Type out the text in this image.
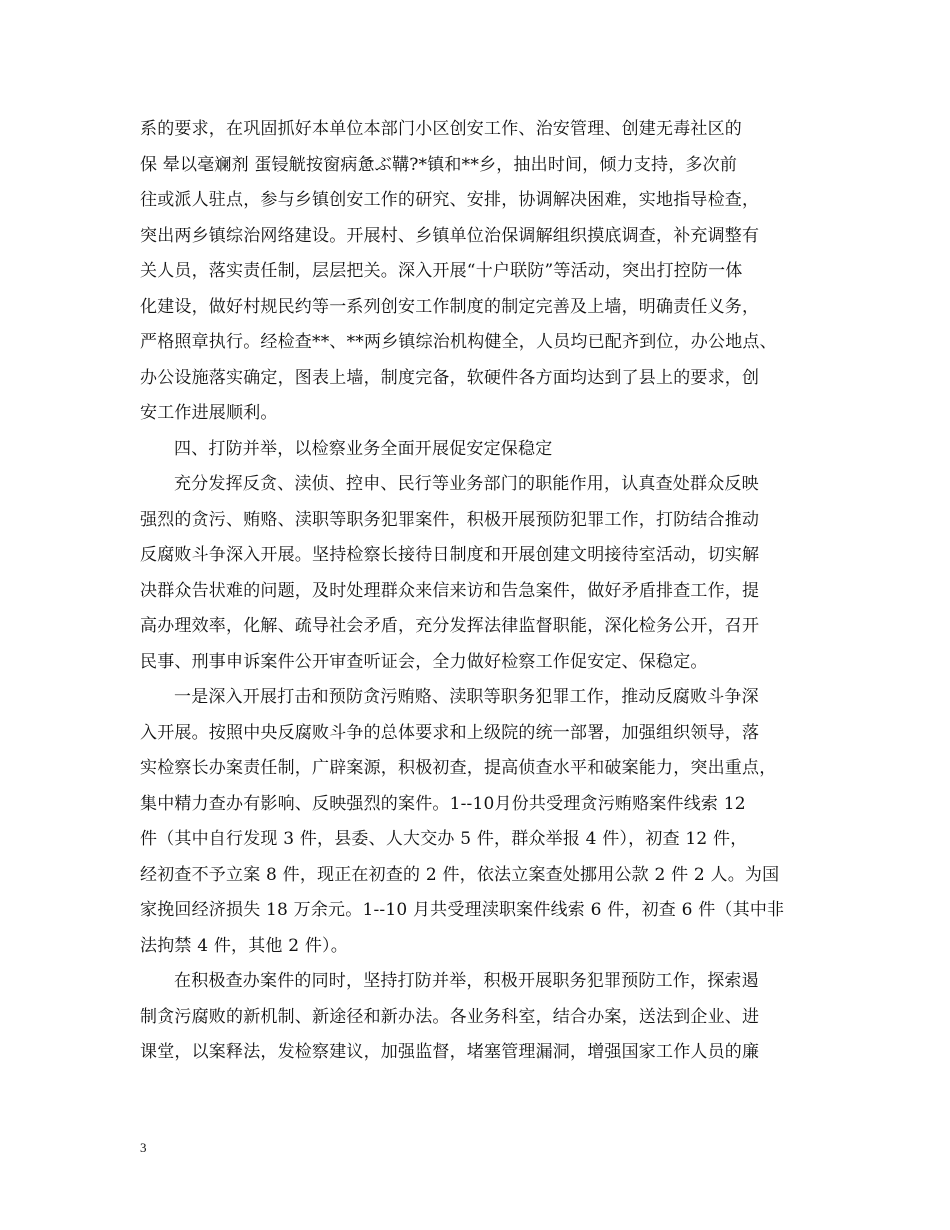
系的要求，在巩固抓好本单位本部门小区创安工作、治安管理、创建无毒社区的
保 晕以毫斓剂 蛋锓觥按窗病惫ぶ鞲?*镇和**乡，抽出时间，倾力支持，多次前
往或派人驻点，参与乡镇创安工作的研究、安排，协调解决困难，实地指导检查，
突出两乡镇综治网络建设。开展村、乡镇单位治保调解组织摸底调查，补充调整有
关人员，落实责任制，层层把关。深入开展“十户联防”等活动，突出打控防一体
化建设，做好村规民约等一系列创安工作制度的制定完善及上墙，明确责任义务，
严格照章执行。经检查**、**两乡镇综治机构健全，人员均已配齐到位，办公地点、
办公设施落实确定，图表上墙，制度完备，软硬件各方面均达到了县上的要求，创
安工作进展顺利。
四、打防并举，以检察业务全面开展促安定保稳定
充分发挥反贪、渎侦、控申、民行等业务部门的职能作用，认真查处群众反映
强烈的贪污、贿赂、渎职等职务犯罪案件，积极开展预防犯罪工作，打防结合推动
反腐败斗争深入开展。坚持检察长接待日制度和开展创建文明接待室活动，切实解
决群众告状难的问题，及时处理群众来信来访和告急案件，做好矛盾排查工作，提
高办理效率，化解、疏导社会矛盾，充分发挥法律监督职能，深化检务公开，召开
民事、刑事申诉案件公开审查听证会，全力做好检察工作促安定、保稳定。
一是深入开展打击和预防贪污贿赂、渎职等职务犯罪工作，推动反腐败斗争深
入开展。按照中央反腐败斗争的总体要求和上级院的统一部署，加强组织领导，落
实检察长办案责任制，广辟案源，积极初查，提高侦查水平和破案能力，突出重点，
集中精力查办有影响、反映强烈的案件。1--10月份共受理贪污贿赂案件线索 12
件（其中自行发现 3 件，县委、人大交办 5 件，群众举报 4 件），初查 12 件，
经初查不予立案 8 件，现正在初查的 2 件，依法立案查处挪用公款 2 件 2 人。为国
家挽回经济损失 18 万余元。1--10 月共受理渎职案件线索 6 件，初查 6 件（其中非
法拘禁 4 件，其他 2 件）。
在积极查办案件的同时，坚持打防并举，积极开展职务犯罪预防工作，探索遏
制贪污腐败的新机制、新途径和新办法。各业务科室，结合办案，送法到企业、进
课堂，以案释法，发检察建议，加强监督，堵塞管理漏洞，增强国家工作人员的廉
3
